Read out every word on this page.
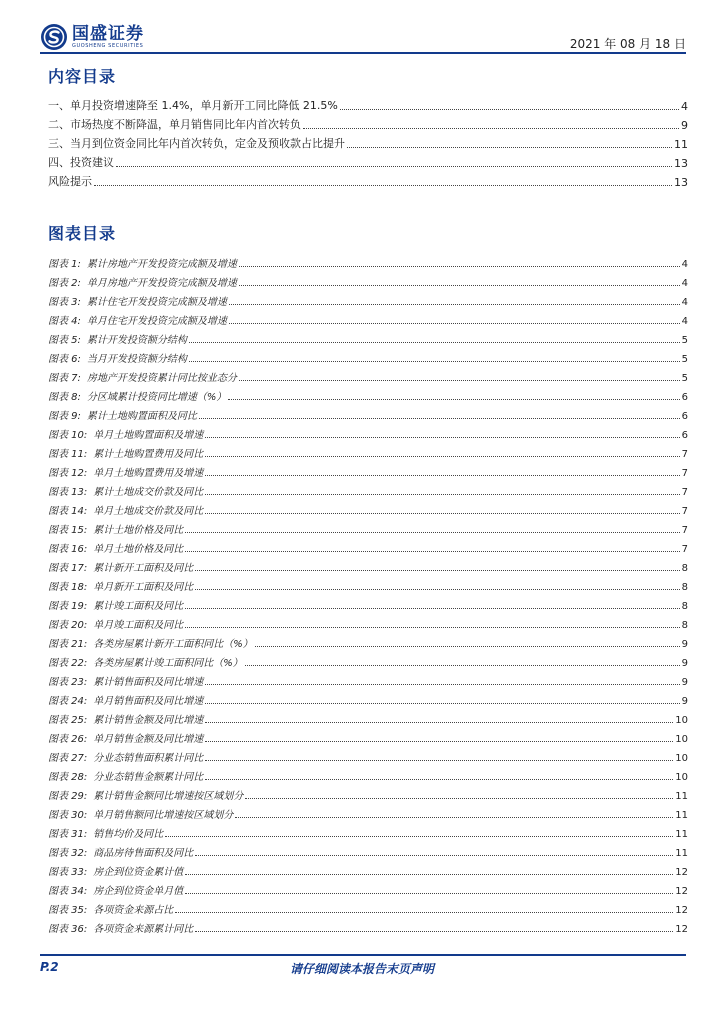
国盛证券
GUOSHENG SECURITIES	2021 年 08 月 18 日
内容目录
一、单月投资增速降至 1.4%，单月新开工同比降低 21.5%	4
二、市场热度不断降温，单月销售同比年内首次转负	9
三、当月到位资金同比年内首次转负，定金及预收款占比提升	11
四、投资建议	13
风险提示	13
图表目录
图表 1: 累计房地产开发投资完成额及增速	4
图表 2: 单月房地产开发投资完成额及增速	4
图表 3: 累计住宅开发投资完成额及增速	4
图表 4: 单月住宅开发投资完成额及增速	4
图表 5: 累计开发投资额分结构	5
图表 6: 当月开发投资额分结构	5
图表 7: 房地产开发投资累计同比按业态分	5
图表 8: 分区域累计投资同比增速（%）	6
图表 9: 累计土地购置面积及同比	6
图表 10: 单月土地购置面积及增速	6
图表 11: 累计土地购置费用及同比	7
图表 12: 单月土地购置费用及增速	7
图表 13: 累计土地成交价款及同比	7
图表 14: 单月土地成交价款及同比	7
图表 15: 累计土地价格及同比	7
图表 16: 单月土地价格及同比	7
图表 17: 累计新开工面积及同比	8
图表 18: 单月新开工面积及同比	8
图表 19: 累计竣工面积及同比	8
图表 20: 单月竣工面积及同比	8
图表 21: 各类房屋累计新开工面积同比（%）	9
图表 22: 各类房屋累计竣工面积同比（%）	9
图表 23: 累计销售面积及同比增速	9
图表 24: 单月销售面积及同比增速	9
图表 25: 累计销售金额及同比增速	10
图表 26: 单月销售金额及同比增速	10
图表 27: 分业态销售面积累计同比	10
图表 28: 分业态销售金额累计同比	10
图表 29: 累计销售金额同比增速按区域划分	11
图表 30: 单月销售额同比增速按区域划分	11
图表 31: 销售均价及同比	11
图表 32: 商品房待售面积及同比	11
图表 33: 房企到位资金累计值	12
图表 34: 房企到位资金单月值	12
图表 35: 各项资金来源占比	12
图表 36: 各项资金来源累计同比	12
P.2	请仔细阅读本报告末页声明
